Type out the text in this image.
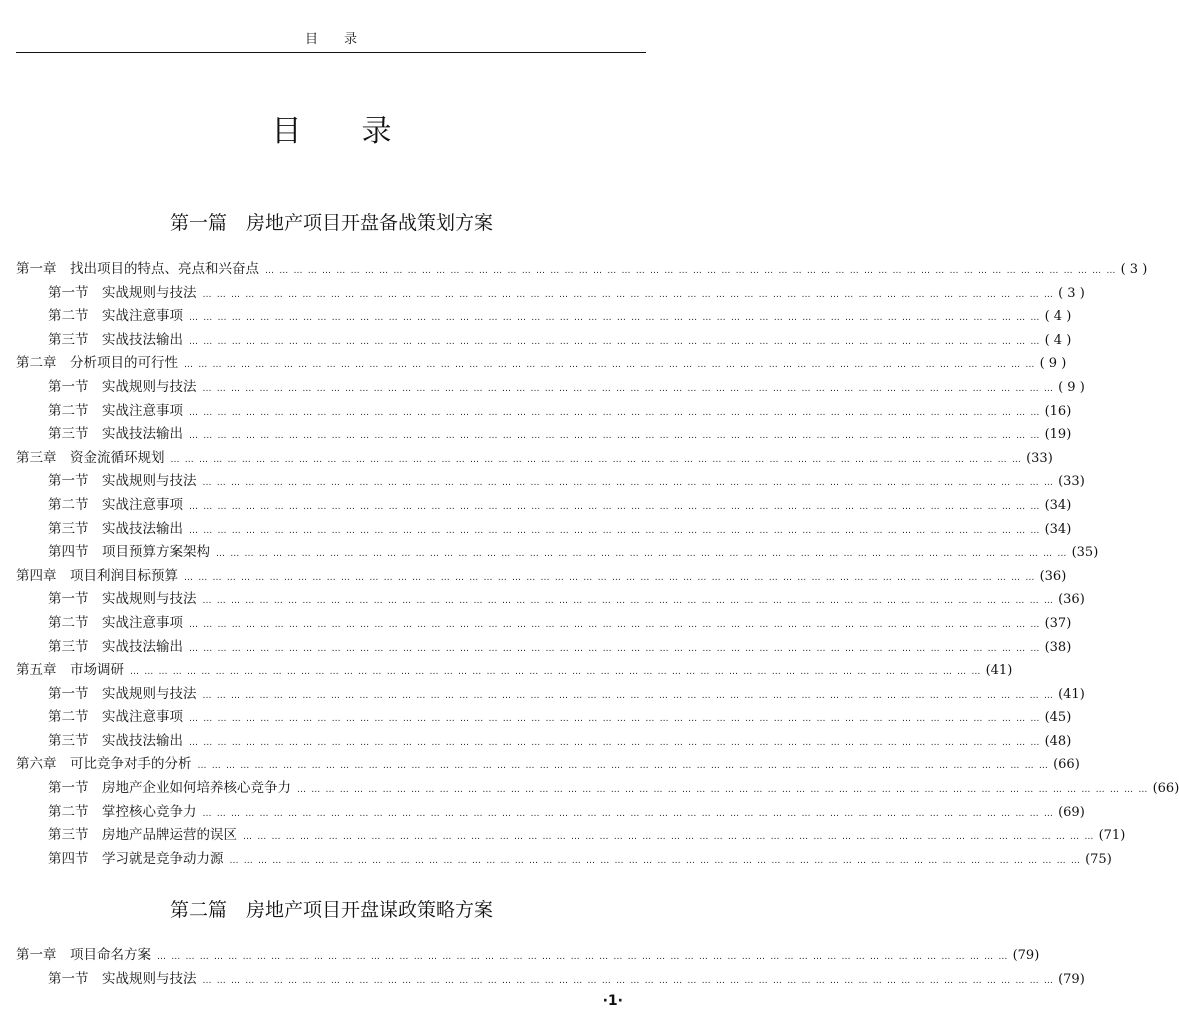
目　　录
目　　录
第一篇　房地产项目开盘备战策划方案
第一章　找出项目的特点、亮点和兴奋点 … … … … … … … … … … … … … … … … … … … … … … … … … … … … … … … … … … … … … … … … … … … … … … … … … … … … … … … … … … … … ( 3 )
第一节　实战规则与技法 … … … … … … … … … … … … … … … … … … … … … … … … … … … … … … … … … … … … … … … … … … … … … … … … … … … … … … … … … … … … ( 3 )
第二节　实战注意事项 … … … … … … … … … … … … … … … … … … … … … … … … … … … … … … … … … … … … … … … … … … … … … … … … … … … … … … … … … … … … ( 4 )
第三节　实战技法输出 … … … … … … … … … … … … … … … … … … … … … … … … … … … … … … … … … … … … … … … … … … … … … … … … … … … … … … … … … … … … ( 4 )
第二章　分析项目的可行性 … … … … … … … … … … … … … … … … … … … … … … … … … … … … … … … … … … … … … … … … … … … … … … … … … … … … … … … … … … … … ( 9 )
第一节　实战规则与技法 … … … … … … … … … … … … … … … … … … … … … … … … … … … … … … … … … … … … … … … … … … … … … … … … … … … … … … … … … … … … ( 9 )
第二节　实战注意事项 … … … … … … … … … … … … … … … … … … … … … … … … … … … … … … … … … … … … … … … … … … … … … … … … … … … … … … … … … … … … (16)
第三节　实战技法输出 … … … … … … … … … … … … … … … … … … … … … … … … … … … … … … … … … … … … … … … … … … … … … … … … … … … … … … … … … … … … (19)
第三章　资金流循环规划 … … … … … … … … … … … … … … … … … … … … … … … … … … … … … … … … … … … … … … … … … … … … … … … … … … … … … … … … … … … … (33)
第一节　实战规则与技法 … … … … … … … … … … … … … … … … … … … … … … … … … … … … … … … … … … … … … … … … … … … … … … … … … … … … … … … … … … … … (33)
第二节　实战注意事项 … … … … … … … … … … … … … … … … … … … … … … … … … … … … … … … … … … … … … … … … … … … … … … … … … … … … … … … … … … … … (34)
第三节　实战技法输出 … … … … … … … … … … … … … … … … … … … … … … … … … … … … … … … … … … … … … … … … … … … … … … … … … … … … … … … … … … … … (34)
第四节　项目预算方案架构 … … … … … … … … … … … … … … … … … … … … … … … … … … … … … … … … … … … … … … … … … … … … … … … … … … … … … … … … … … … … (35)
第四章　项目利润目标预算 … … … … … … … … … … … … … … … … … … … … … … … … … … … … … … … … … … … … … … … … … … … … … … … … … … … … … … … … … … … … (36)
第一节　实战规则与技法 … … … … … … … … … … … … … … … … … … … … … … … … … … … … … … … … … … … … … … … … … … … … … … … … … … … … … … … … … … … … (36)
第二节　实战注意事项 … … … … … … … … … … … … … … … … … … … … … … … … … … … … … … … … … … … … … … … … … … … … … … … … … … … … … … … … … … … … (37)
第三节　实战技法输出 … … … … … … … … … … … … … … … … … … … … … … … … … … … … … … … … … … … … … … … … … … … … … … … … … … … … … … … … … … … … (38)
第五章　市场调研 … … … … … … … … … … … … … … … … … … … … … … … … … … … … … … … … … … … … … … … … … … … … … … … … … … … … … … … … … … … … (41)
第一节　实战规则与技法 … … … … … … … … … … … … … … … … … … … … … … … … … … … … … … … … … … … … … … … … … … … … … … … … … … … … … … … … … … … … (41)
第二节　实战注意事项 … … … … … … … … … … … … … … … … … … … … … … … … … … … … … … … … … … … … … … … … … … … … … … … … … … … … … … … … … … … … (45)
第三节　实战技法输出 … … … … … … … … … … … … … … … … … … … … … … … … … … … … … … … … … … … … … … … … … … … … … … … … … … … … … … … … … … … … (48)
第六章　可比竞争对手的分析 … … … … … … … … … … … … … … … … … … … … … … … … … … … … … … … … … … … … … … … … … … … … … … … … … … … … … … … … … … … … (66)
第一节　房地产企业如何培养核心竞争力 … … … … … … … … … … … … … … … … … … … … … … … … … … … … … … … … … … … … … … … … … … … … … … … … … … … … … … … … … … … … (66)
第二节　掌控核心竞争力 … … … … … … … … … … … … … … … … … … … … … … … … … … … … … … … … … … … … … … … … … … … … … … … … … … … … … … … … … … … … (69)
第三节　房地产品牌运营的误区 … … … … … … … … … … … … … … … … … … … … … … … … … … … … … … … … … … … … … … … … … … … … … … … … … … … … … … … … … … … … (71)
第四节　学习就是竞争动力源 … … … … … … … … … … … … … … … … … … … … … … … … … … … … … … … … … … … … … … … … … … … … … … … … … … … … … … … … … … … … (75)
第二篇　房地产项目开盘谋政策略方案
第一章　项目命名方案 … … … … … … … … … … … … … … … … … … … … … … … … … … … … … … … … … … … … … … … … … … … … … … … … … … … … … … … … … … … … (79)
第一节　实战规则与技法 … … … … … … … … … … … … … … … … … … … … … … … … … … … … … … … … … … … … … … … … … … … … … … … … … … … … … … … … … … … … (79)
·1·
